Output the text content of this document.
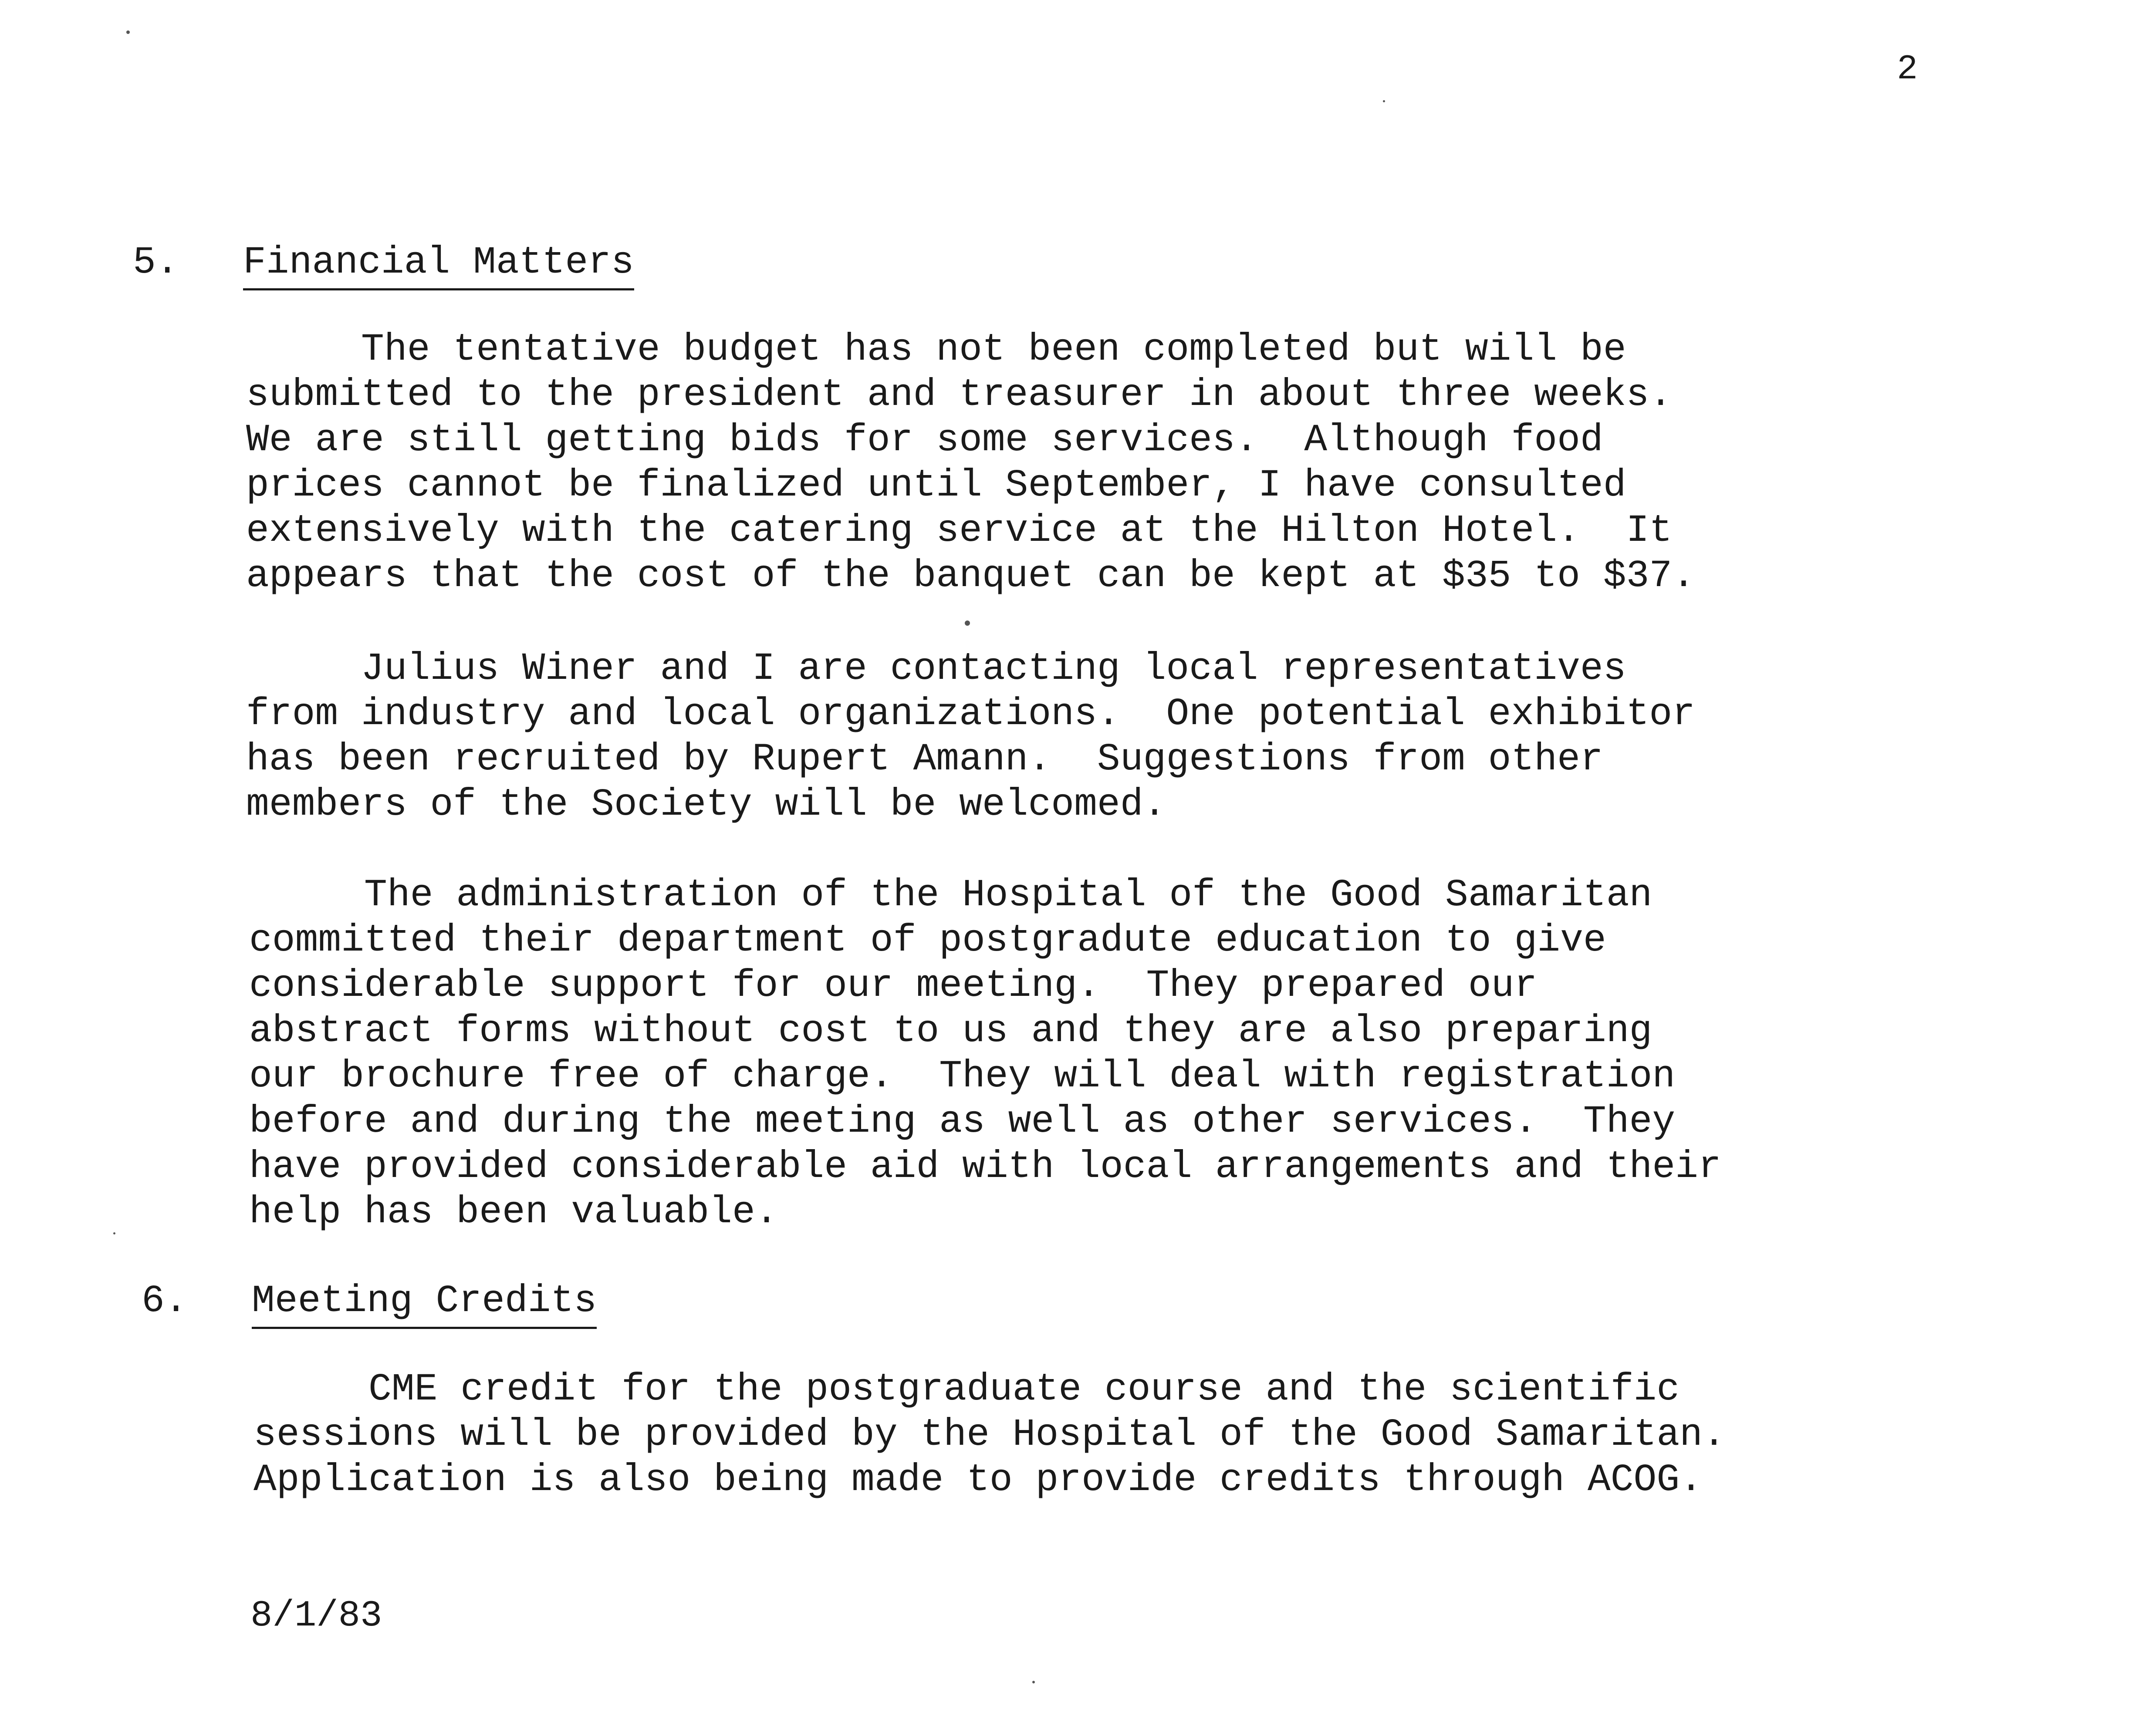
2
5. Financial Matters
The tentative budget has not been completed but will be
submitted to the president and treasurer in about three weeks.
We are still getting bids for some services.  Although food
prices cannot be finalized until September, I have consulted
extensively with the catering service at the Hilton Hotel.  It
appears that the cost of the banquet can be kept at $35 to $37.
Julius Winer and I are contacting local representatives
from industry and local organizations.  One potential exhibitor
has been recruited by Rupert Amann.  Suggestions from other
members of the Society will be welcomed.
The administration of the Hospital of the Good Samaritan
committed their department of postgradute education to give
considerable support for our meeting.  They prepared our
abstract forms without cost to us and they are also preparing
our brochure free of charge.  They will deal with registration
before and during the meeting as well as other services.  They
have provided considerable aid with local arrangements and their
help has been valuable.
6. Meeting Credits
CME credit for the postgraduate course and the scientific
sessions will be provided by the Hospital of the Good Samaritan.
Application is also being made to provide credits through ACOG.
8/1/83
